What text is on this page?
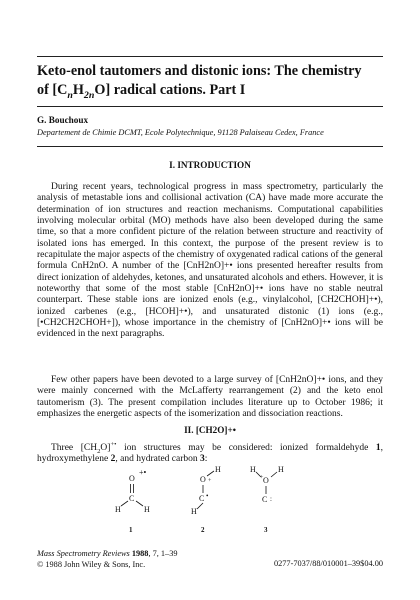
Keto-enol tautomers and distonic ions: The chemistry
of $[C_nH_{2n}O]$ radical cations. Part I
G. Bouchoux
Departement de Chimie DCMT, Ecole Polytechnique, 91128 Palaiseau Cedex, France
I. INTRODUCTION

During recent years, technological progress in mass spectrometry, particularly the analysis of metastable ions and collisional activation (CA) have made more accurate the determination of ion structures and reaction mechanisms. Computational capabilities involving molecular orbital (MO) methods have also been developed during the same time, so that a more confident picture of the relation between structure and reactivity of isolated ions has emerged. In this context, the purpose of the present review is to recapitulate the major aspects of the chemistry of oxygenated radical cations of the general formula CnH2nO. A number of the [CnH2nO]+• ions presented hereafter results from direct ionization of aldehydes, ketones, and unsaturated alcohols and ethers. However, it is noteworthy that some of the most stable [CnH2nO]+• ions have no stable neutral counterpart. These stable ions are ionized enols (e.g., vinylalcohol, [CH2CHOH]+•), ionized carbenes (e.g., [HCOH]+•), and unsaturated distonic (1) ions (e.g., [•CH2CH2CHOH+]), whose importance in the chemistry of [CnH2nO]+• ions will be evidenced in the next paragraphs.

Few other papers have been devoted to a large survey of [CnH2nO]+• ions, and they were mainly concerned with the McLafferty rearrangement (2) and the keto enol tautomerism (3). The present compilation includes literature up to October 1986; it emphasizes the energetic aspects of the isomerization and dissociation reactions.

II. [CH2O]+•

Three $[CH_2O]^{+•}$ ion structures may be considered: ionized formaldehyde 1, hydroxymethylene 2, and hydrated carbon 3:

+•
O
C
H	H
1
H
O +
C •
H
2
H	H
O
+
C :
3
Mass Spectrometry Reviews 1988, 7, 1–39
© 1988 John Wiley & Sons, Inc.	0277-7037/88/010001–39$04.00
